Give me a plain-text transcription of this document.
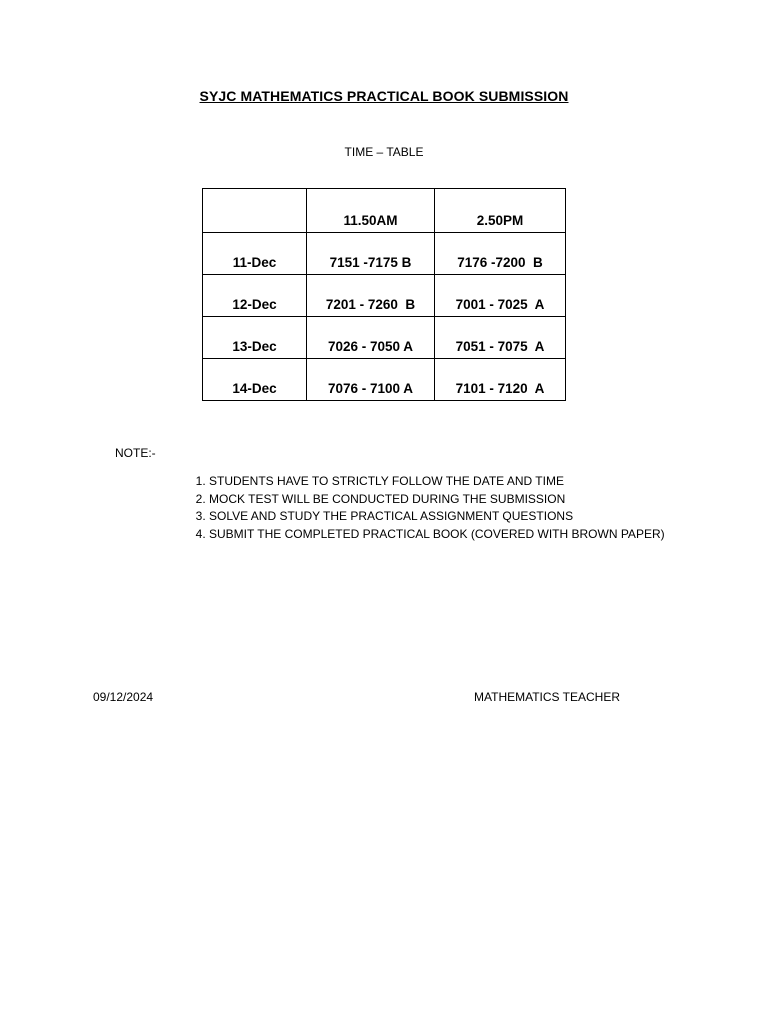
SYJC MATHEMATICS PRACTICAL BOOK SUBMISSION
TIME – TABLE
	11.50AM	2.50PM
11-Dec	7151 -7175 B	7176 -7200  B
12-Dec	7201 - 7260  B	7001 - 7025  A
13-Dec	7026 - 7050 A	7051 - 7075  A
14-Dec	7076 - 7100 A	7101 - 7120  A
NOTE:-
1. STUDENTS HAVE TO STRICTLY FOLLOW THE DATE AND TIME
2. MOCK TEST WILL BE CONDUCTED DURING THE SUBMISSION
3. SOLVE AND STUDY THE PRACTICAL ASSIGNMENT QUESTIONS
4. SUBMIT THE COMPLETED PRACTICAL BOOK (COVERED WITH BROWN PAPER)
09/12/2024	MATHEMATICS TEACHER
